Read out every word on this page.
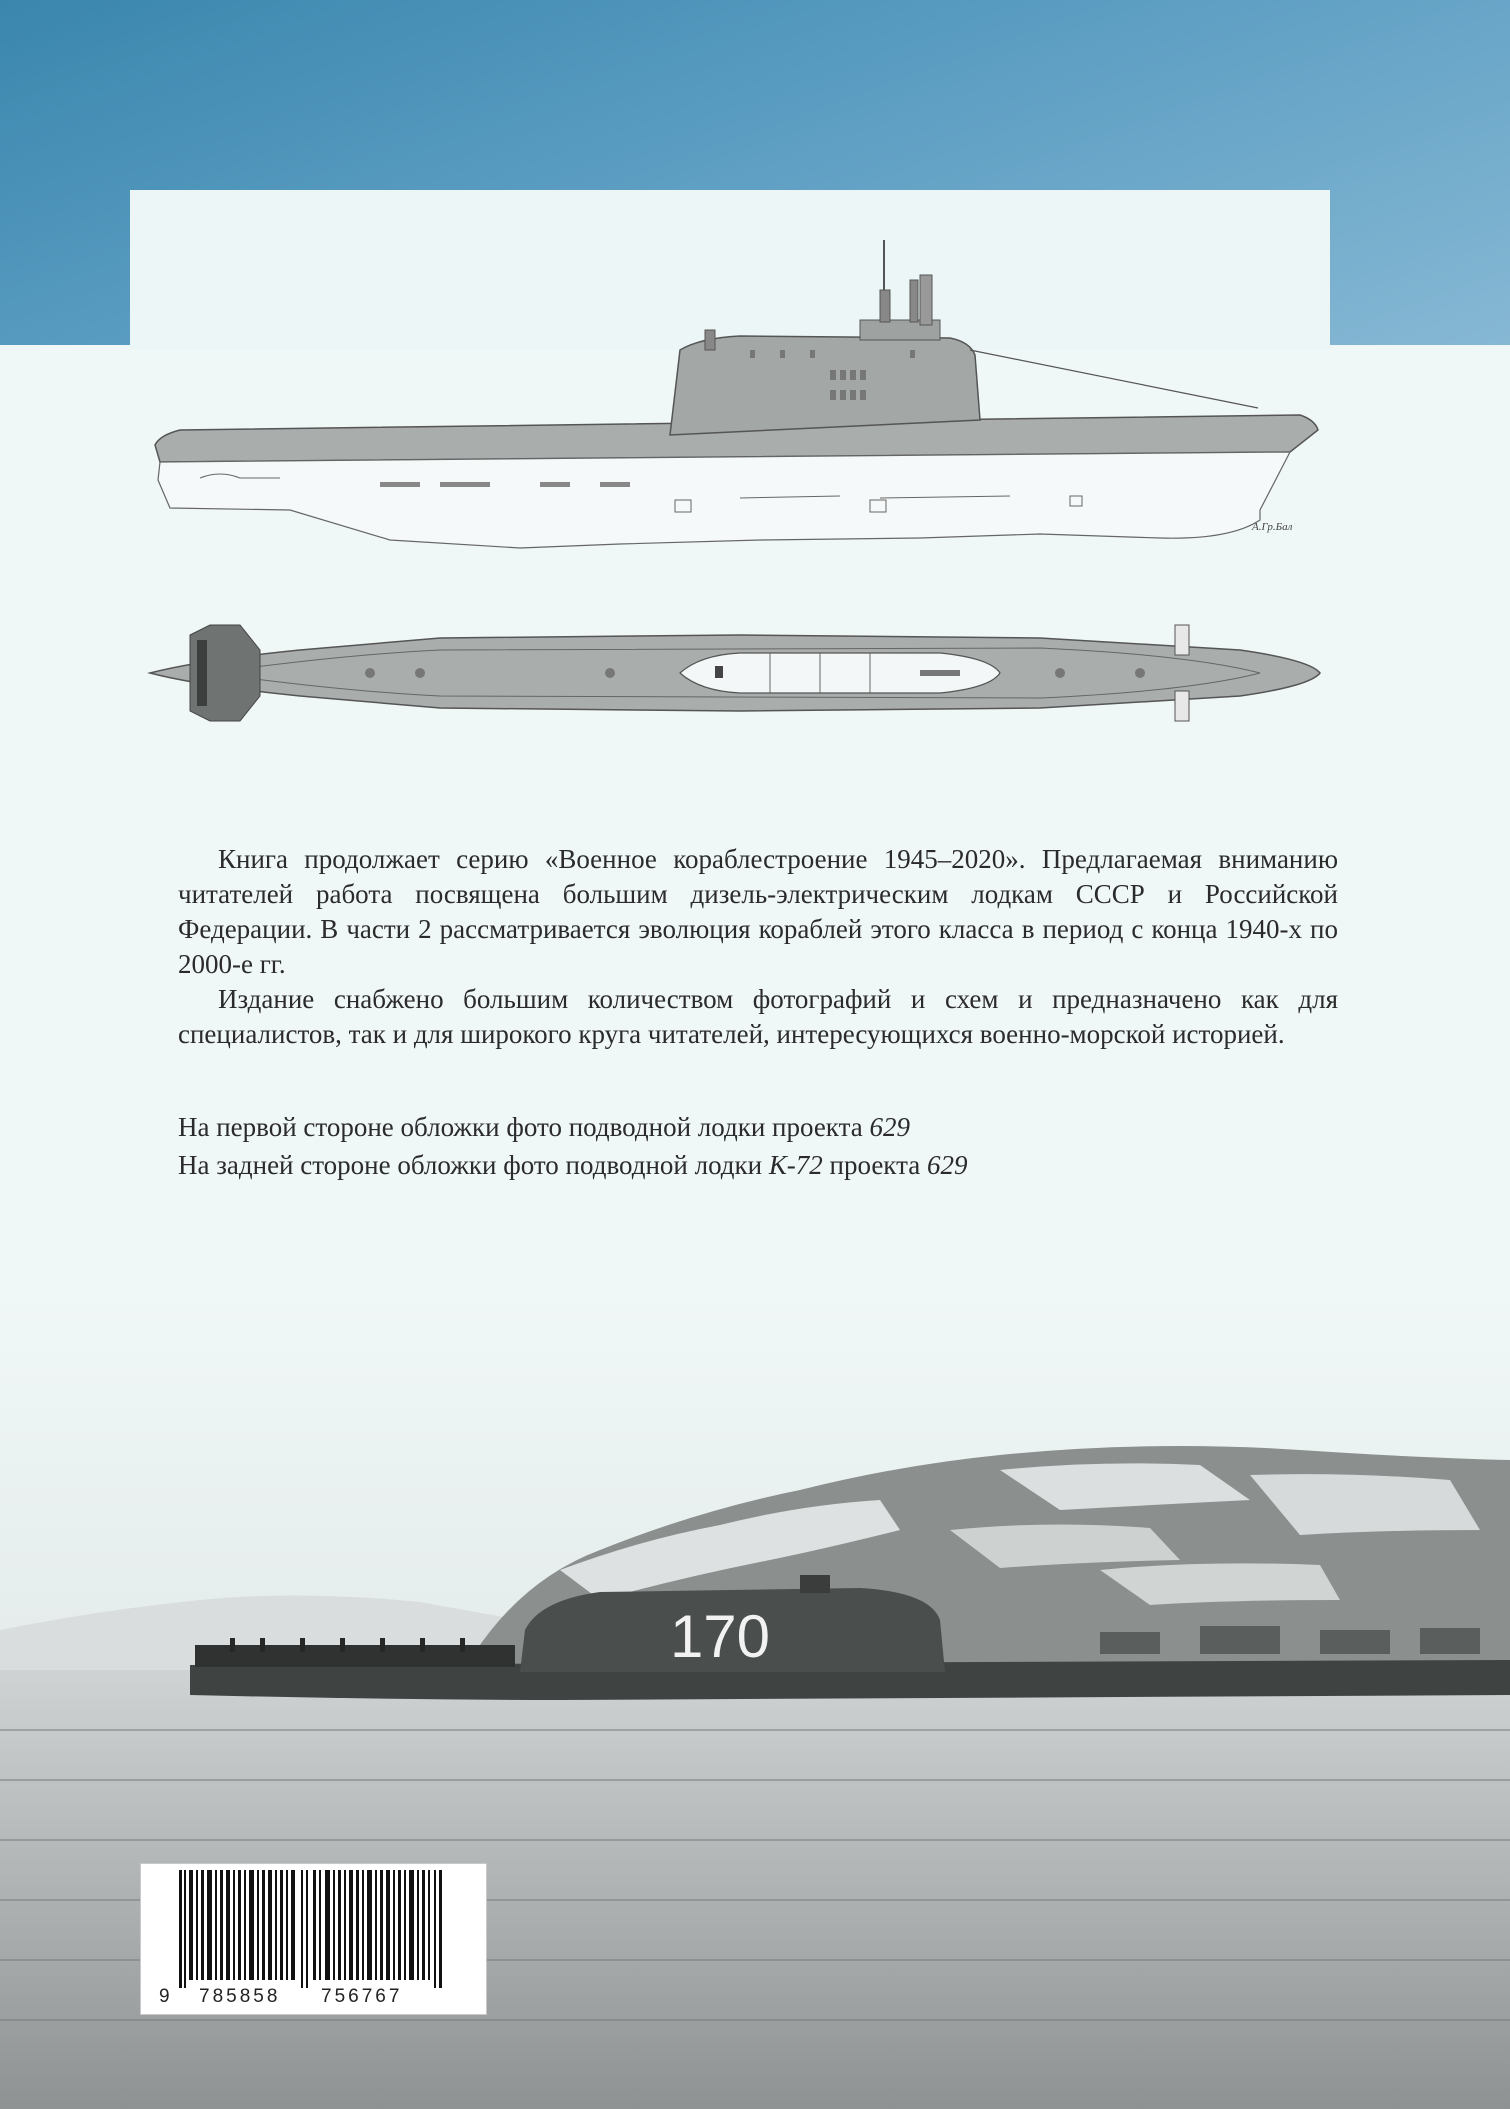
A.Гр.Бал

Книга продолжает серию «Военное кораблестроение 1945–2020». Предлагаемая вниманию читателей работа посвящена большим дизель-электрическим лодкам СССР и Российской Федерации. В части 2 рассматривается эволюция кораблей этого класса в период с конца 1940-х по 2000-е гг.

Издание снабжено большим количеством фотографий и схем и предназначено как для специалистов, так и для широкого круга читателей, интересующихся военно-морской историей.

На первой стороне обложки фото подводной лодки проекта 629
На задней стороне обложки фото подводной лодки К-72 проекта 629
170
9 785858 756767
